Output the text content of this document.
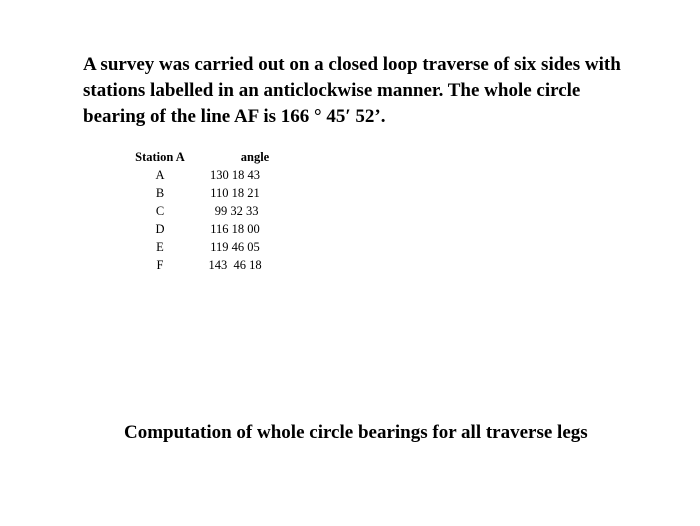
A survey was carried out on a closed loop traverse of six sides with stations labelled in an anticlockwise manner. The whole circle bearing of the line AF is 166 ° 45′ 52’.

Station A	angle
A	130 18 43
B	110 18 21
C	99 32 33
D	116 18 00
E	119 46 05
F	143  46 18

Computation of whole circle bearings for all traverse legs
